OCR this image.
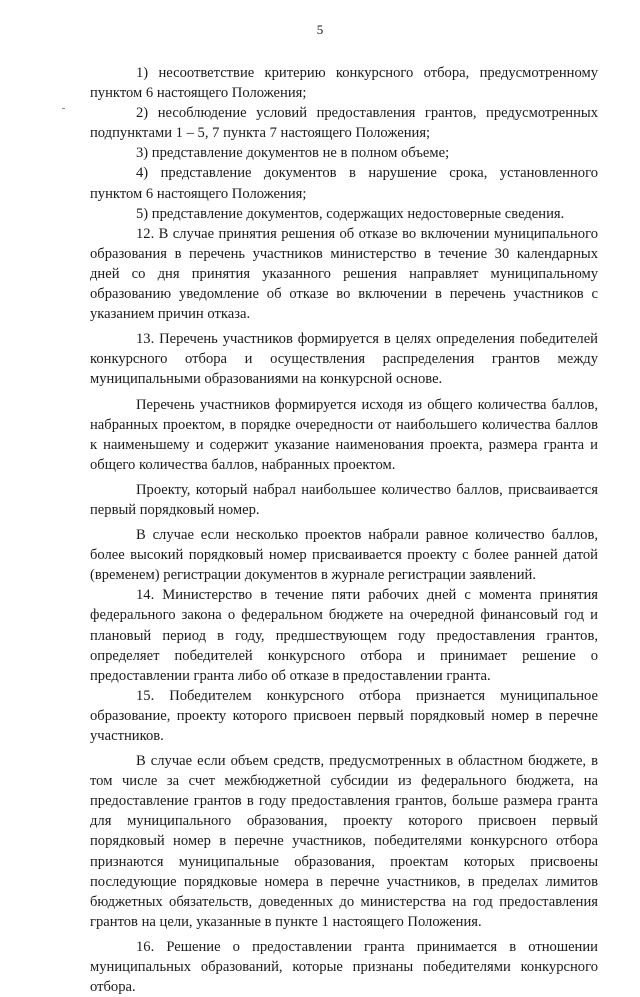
5

1) несоответствие критерию конкурсного отбора, предусмотренному пунктом 6 настоящего Положения;

2) несоблюдение условий предоставления грантов, предусмотренных подпунктами 1 – 5, 7 пункта 7 настоящего Положения;

3) представление документов не в полном объеме;

4) представление документов в нарушение срока, установленного пунктом 6 настоящего Положения;

5) представление документов, содержащих недостоверные сведения.

12. В случае принятия решения об отказе во включении муниципального образования в перечень участников министерство в течение 30 календарных дней со дня принятия указанного решения направляет муниципальному образованию уведомление об отказе во включении в перечень участников с указанием причин отказа.

13. Перечень участников формируется в целях определения победителей конкурсного отбора и осуществления распределения грантов между муниципальными образованиями на конкурсной основе.

Перечень участников формируется исходя из общего количества баллов, набранных проектом, в порядке очередности от наибольшего количества баллов к наименьшему и содержит указание наименования проекта, размера гранта и общего количества баллов, набранных проектом.

Проекту, который набрал наибольшее количество баллов, присваивается первый порядковый номер.

В случае если несколько проектов набрали равное количество баллов, более высокий порядковый номер присваивается проекту с более ранней датой (временем) регистрации документов в журнале регистрации заявлений.

14. Министерство в течение пяти рабочих дней с момента принятия федерального закона о федеральном бюджете на очередной финансовый год и плановый период в году, предшествующем году предоставления грантов, определяет победителей конкурсного отбора и принимает решение о предоставлении гранта либо об отказе в предоставлении гранта.

15. Победителем конкурсного отбора признается муниципальное образование, проекту которого присвоен первый порядковый номер в перечне участников.

В случае если объем средств, предусмотренных в областном бюджете, в том числе за счет межбюджетной субсидии из федерального бюджета, на предоставление грантов в году предоставления грантов, больше размера гранта для муниципального образования, проекту которого присвоен первый порядковый номер в перечне участников, победителями конкурсного отбора признаются муниципальные образования, проектам которых присвоены последующие порядковые номера в перечне участников, в пределах лимитов бюджетных обязательств, доведенных до министерства на год предоставления грантов на цели, указанные в пункте 1 настоящего Положения.

16. Решение о предоставлении гранта принимается в отношении муниципальных образований, которые признаны победителями конкурсного отбора.
